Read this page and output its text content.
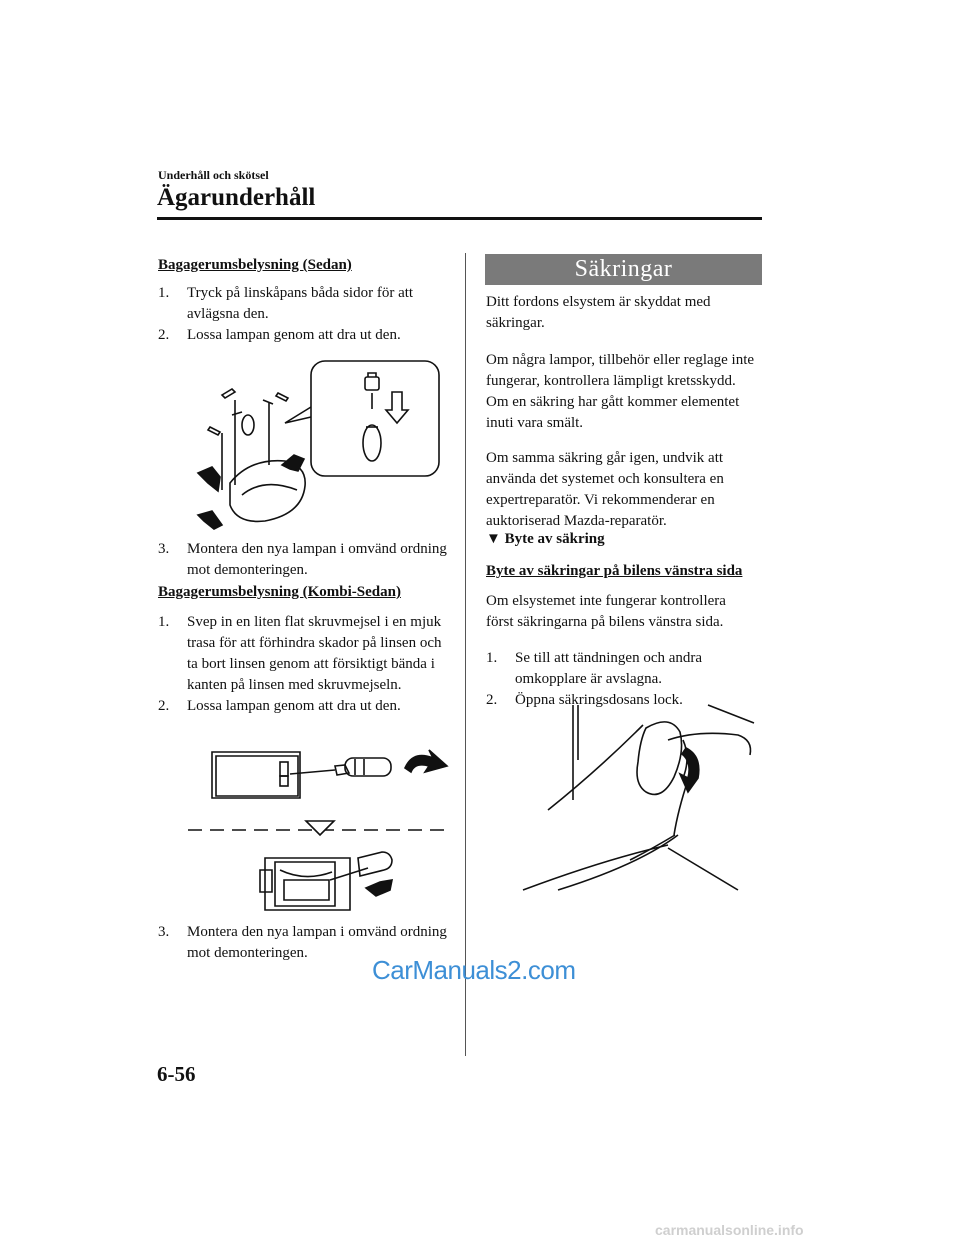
Underhåll och skötsel
Ägarunderhåll
Bagagerumsbelysning (Sedan)
1. Tryck på linskåpans båda sidor för att avlägsna den.
2. Lossa lampan genom att dra ut den.
3. Montera den nya lampan i omvänd ordning mot demonteringen.
Bagagerumsbelysning (Kombi-Sedan)
1. Svep in en liten flat skruvmejsel i en mjuk trasa för att förhindra skador på linsen och ta bort linsen genom att försiktigt bända i kanten på linsen med skruvmejseln.
2. Lossa lampan genom att dra ut den.
3. Montera den nya lampan i omvänd ordning mot demonteringen.
CarManuals2.com
Säkringar
Ditt fordons elsystem är skyddat med säkringar.
Om några lampor, tillbehör eller reglage inte fungerar, kontrollera lämpligt kretsskydd. Om en säkring har gått kommer elementet inuti vara smält.
Om samma säkring går igen, undvik att använda det systemet och konsultera en expertreparatör. Vi rekommenderar en auktoriserad Mazda-reparatör.
▼ Byte av säkring
Byte av säkringar på bilens vänstra sida
Om elsystemet inte fungerar kontrollera först säkringarna på bilens vänstra sida.
1. Se till att tändningen och andra omkopplare är avslagna.
2. Öppna säkringsdosans lock.
6-56
carmanualsonline.info
